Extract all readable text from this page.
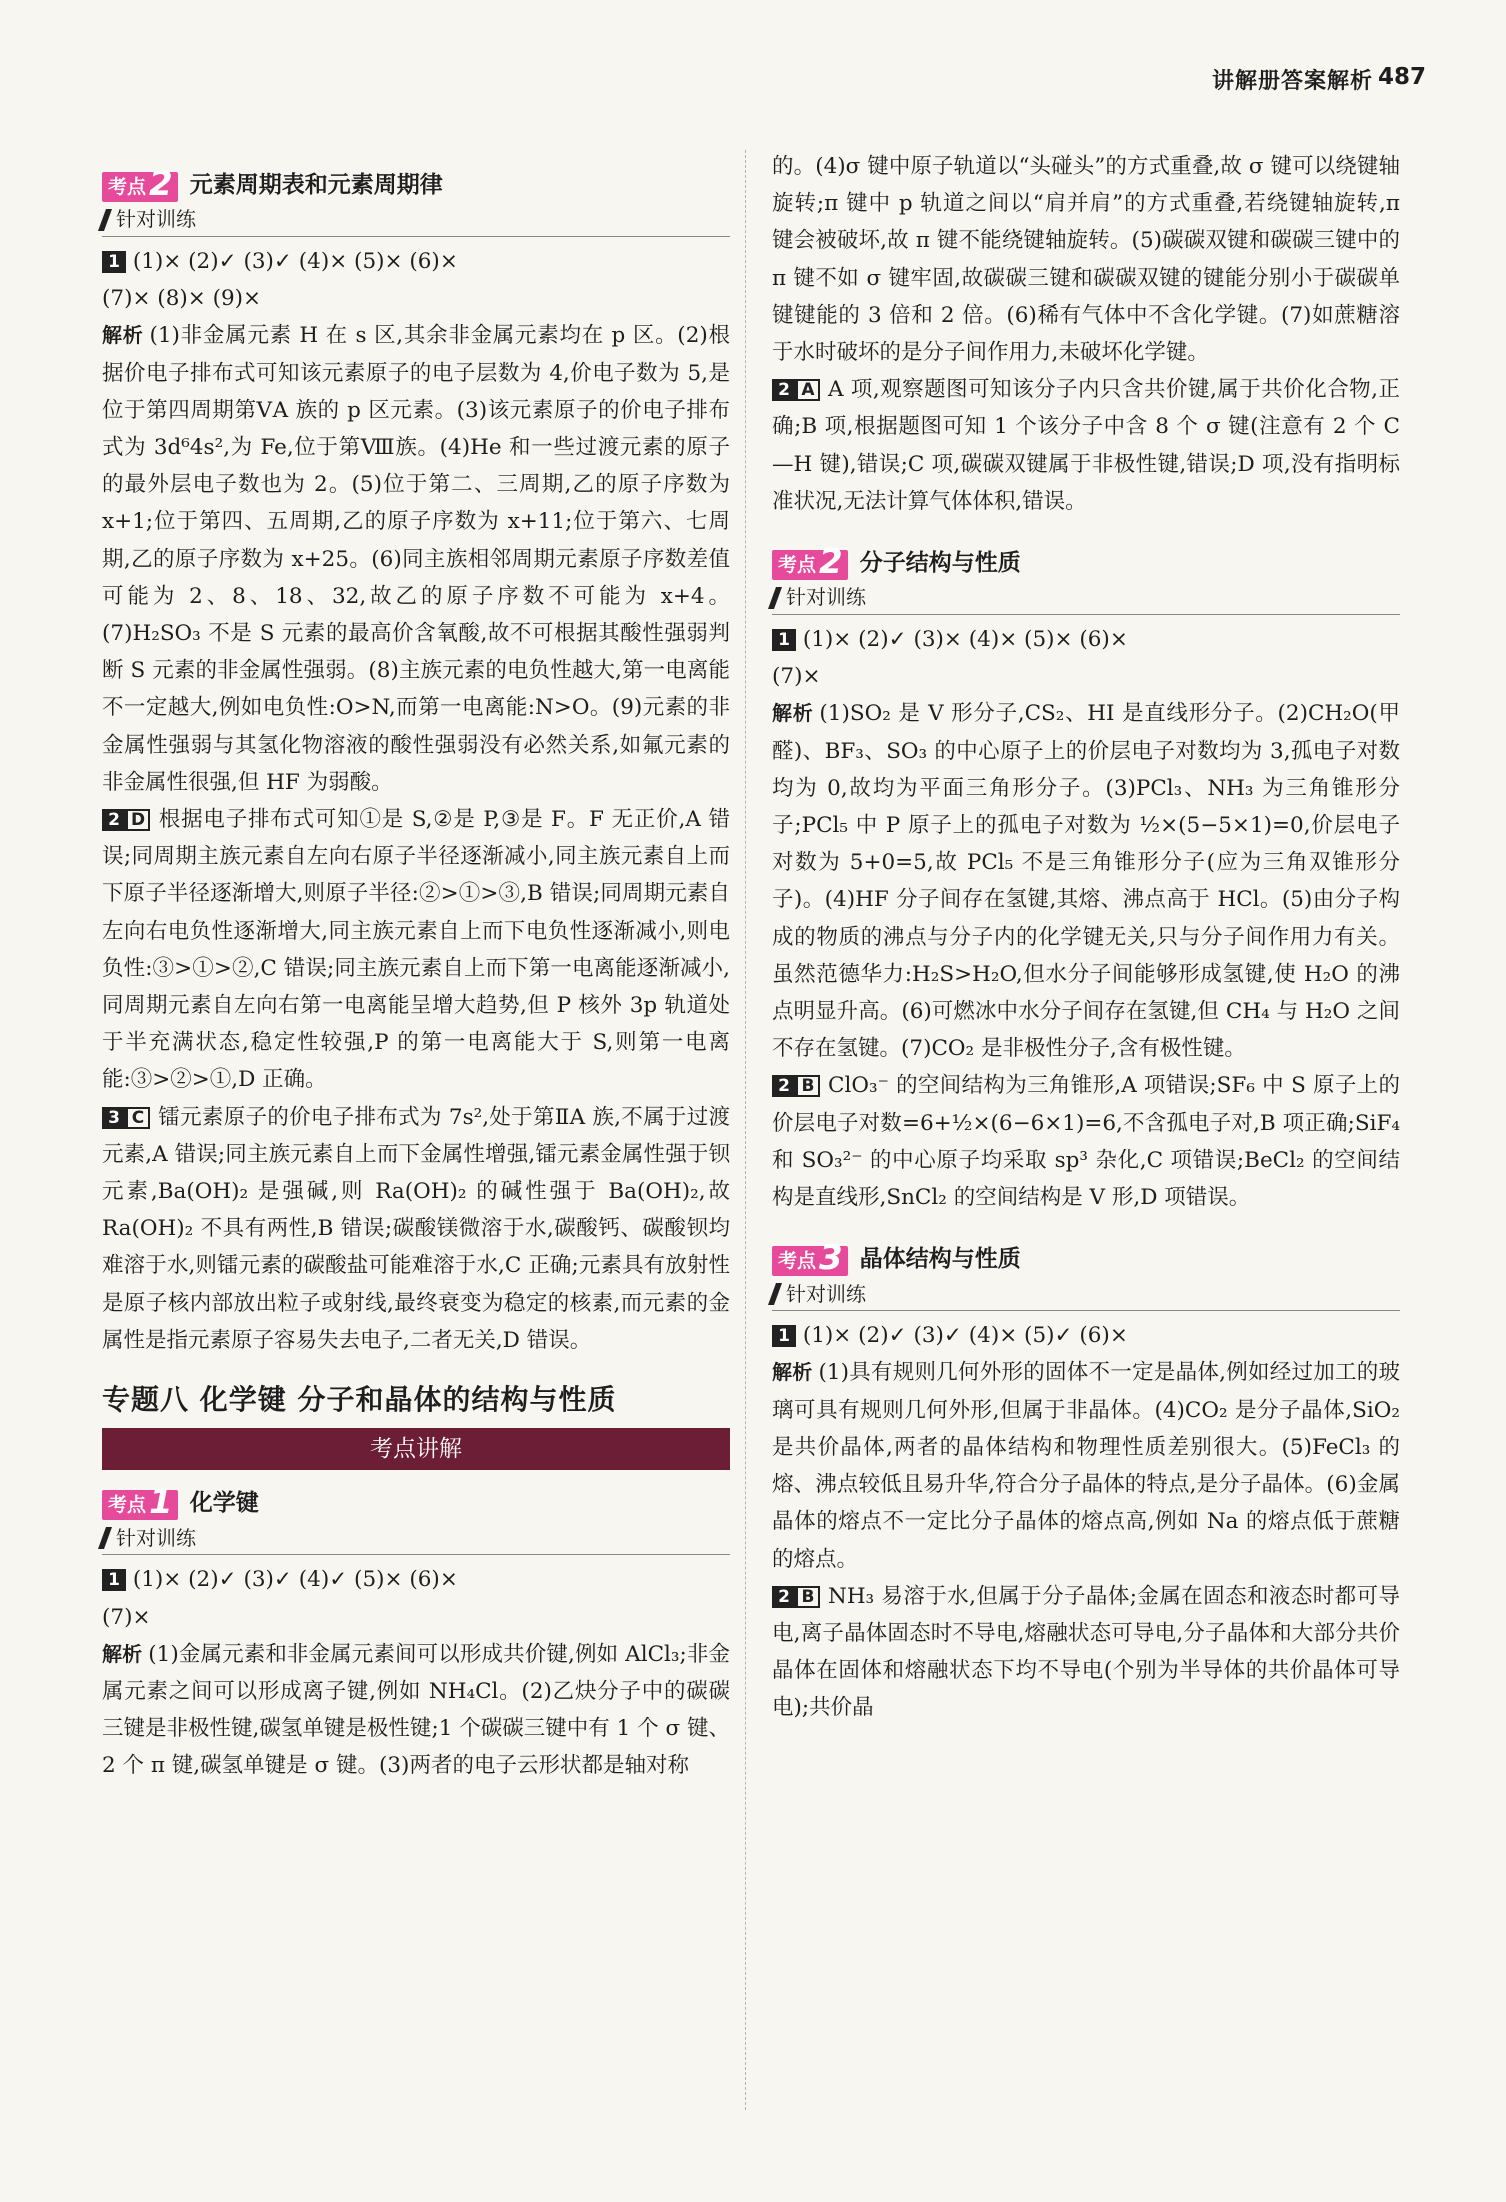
讲解册答案解析 487
考点 2 元素周期表和元素周期律
针对训练

1 (1)× (2)✓ (3)✓ (4)× (5)× (6)×
(7)× (8)× (9)×

解析 (1)非金属元素 H 在 s 区,其余非金属元素均在 p 区。(2)根据价电子排布式可知该元素原子的电子层数为 4,价电子数为 5,是位于第四周期第ⅤA 族的 p 区元素。(3)该元素原子的价电子排布式为 3d⁶4s²,为 Fe,位于第Ⅷ族。(4)He 和一些过渡元素的原子的最外层电子数也为 2。(5)位于第二、三周期,乙的原子序数为 x+1;位于第四、五周期,乙的原子序数为 x+11;位于第六、七周期,乙的原子序数为 x+25。(6)同主族相邻周期元素原子序数差值可能为 2、8、18、32,故乙的原子序数不可能为 x+4。(7)H₂SO₃ 不是 S 元素的最高价含氧酸,故不可根据其酸性强弱判断 S 元素的非金属性强弱。(8)主族元素的电负性越大,第一电离能不一定越大,例如电负性:O>N,而第一电离能:N>O。(9)元素的非金属性强弱与其氢化物溶液的酸性强弱没有必然关系,如氟元素的非金属性很强,但 HF 为弱酸。

2 D 根据电子排布式可知①是 S,②是 P,③是 F。F 无正价,A 错误;同周期主族元素自左向右原子半径逐渐减小,同主族元素自上而下原子半径逐渐增大,则原子半径:②>①>③,B 错误;同周期元素自左向右电负性逐渐增大,同主族元素自上而下电负性逐渐减小,则电负性:③>①>②,C 错误;同主族元素自上而下第一电离能逐渐减小,同周期元素自左向右第一电离能呈增大趋势,但 P 核外 3p 轨道处于半充满状态,稳定性较强,P 的第一电离能大于 S,则第一电离能:③>②>①,D 正确。

3 C 镭元素原子的价电子排布式为 7s²,处于第ⅡA 族,不属于过渡元素,A 错误;同主族元素自上而下金属性增强,镭元素金属性强于钡元素,Ba(OH)₂ 是强碱,则 Ra(OH)₂ 的碱性强于 Ba(OH)₂,故 Ra(OH)₂ 不具有两性,B 错误;碳酸镁微溶于水,碳酸钙、碳酸钡均难溶于水,则镭元素的碳酸盐可能难溶于水,C 正确;元素具有放射性是原子核内部放出粒子或射线,最终衰变为稳定的核素,而元素的金属性是指元素原子容易失去电子,二者无关,D 错误。

专题八 化学键 分子和晶体的结构与性质
考点讲解
考点 1 化学键
针对训练

1 (1)× (2)✓ (3)✓ (4)✓ (5)× (6)×
(7)×

解析 (1)金属元素和非金属元素间可以形成共价键,例如 AlCl₃;非金属元素之间可以形成离子键,例如 NH₄Cl。(2)乙炔分子中的碳碳三键是非极性键,碳氢单键是极性键;1 个碳碳三键中有 1 个 σ 键、2 个 π 键,碳氢单键是 σ 键。(3)两者的电子云形状都是轴对称

的。(4)σ 键中原子轨道以“头碰头”的方式重叠,故 σ 键可以绕键轴旋转;π 键中 p 轨道之间以“肩并肩”的方式重叠,若绕键轴旋转,π 键会被破坏,故 π 键不能绕键轴旋转。(5)碳碳双键和碳碳三键中的 π 键不如 σ 键牢固,故碳碳三键和碳碳双键的键能分别小于碳碳单键键能的 3 倍和 2 倍。(6)稀有气体中不含化学键。(7)如蔗糖溶于水时破坏的是分子间作用力,未破坏化学键。

2 A A 项,观察题图可知该分子内只含共价键,属于共价化合物,正确;B 项,根据题图可知 1 个该分子中含 8 个 σ 键(注意有 2 个 C—H 键),错误;C 项,碳碳双键属于非极性键,错误;D 项,没有指明标准状况,无法计算气体体积,错误。

考点 2 分子结构与性质
针对训练

1 (1)× (2)✓ (3)× (4)× (5)× (6)×
(7)×

解析 (1)SO₂ 是 V 形分子,CS₂、HI 是直线形分子。(2)CH₂O(甲醛)、BF₃、SO₃ 的中心原子上的价层电子对数均为 3,孤电子对数均为 0,故均为平面三角形分子。(3)PCl₃、NH₃ 为三角锥形分子;PCl₅ 中 P 原子上的孤电子对数为 ½×(5−5×1)=0,价层电子对数为 5+0=5,故 PCl₅ 不是三角锥形分子(应为三角双锥形分子)。(4)HF 分子间存在氢键,其熔、沸点高于 HCl。(5)由分子构成的物质的沸点与分子内的化学键无关,只与分子间作用力有关。虽然范德华力:H₂S>H₂O,但水分子间能够形成氢键,使 H₂O 的沸点明显升高。(6)可燃冰中水分子间存在氢键,但 CH₄ 与 H₂O 之间不存在氢键。(7)CO₂ 是非极性分子,含有极性键。

2 B ClO₃⁻ 的空间结构为三角锥形,A 项错误;SF₆ 中 S 原子上的价层电子对数=6+½×(6−6×1)=6,不含孤电子对,B 项正确;SiF₄ 和 SO₃²⁻ 的中心原子均采取 sp³ 杂化,C 项错误;BeCl₂ 的空间结构是直线形,SnCl₂ 的空间结构是 V 形,D 项错误。

考点 3 晶体结构与性质
针对训练

1 (1)× (2)✓ (3)✓ (4)× (5)✓ (6)×

解析 (1)具有规则几何外形的固体不一定是晶体,例如经过加工的玻璃可具有规则几何外形,但属于非晶体。(4)CO₂ 是分子晶体,SiO₂ 是共价晶体,两者的晶体结构和物理性质差别很大。(5)FeCl₃ 的熔、沸点较低且易升华,符合分子晶体的特点,是分子晶体。(6)金属晶体的熔点不一定比分子晶体的熔点高,例如 Na 的熔点低于蔗糖的熔点。

2 B NH₃ 易溶于水,但属于分子晶体;金属在固态和液态时都可导电,离子晶体固态时不导电,熔融状态可导电,分子晶体和大部分共价晶体在固体和熔融状态下均不导电(个别为半导体的共价晶体可导电);共价晶
